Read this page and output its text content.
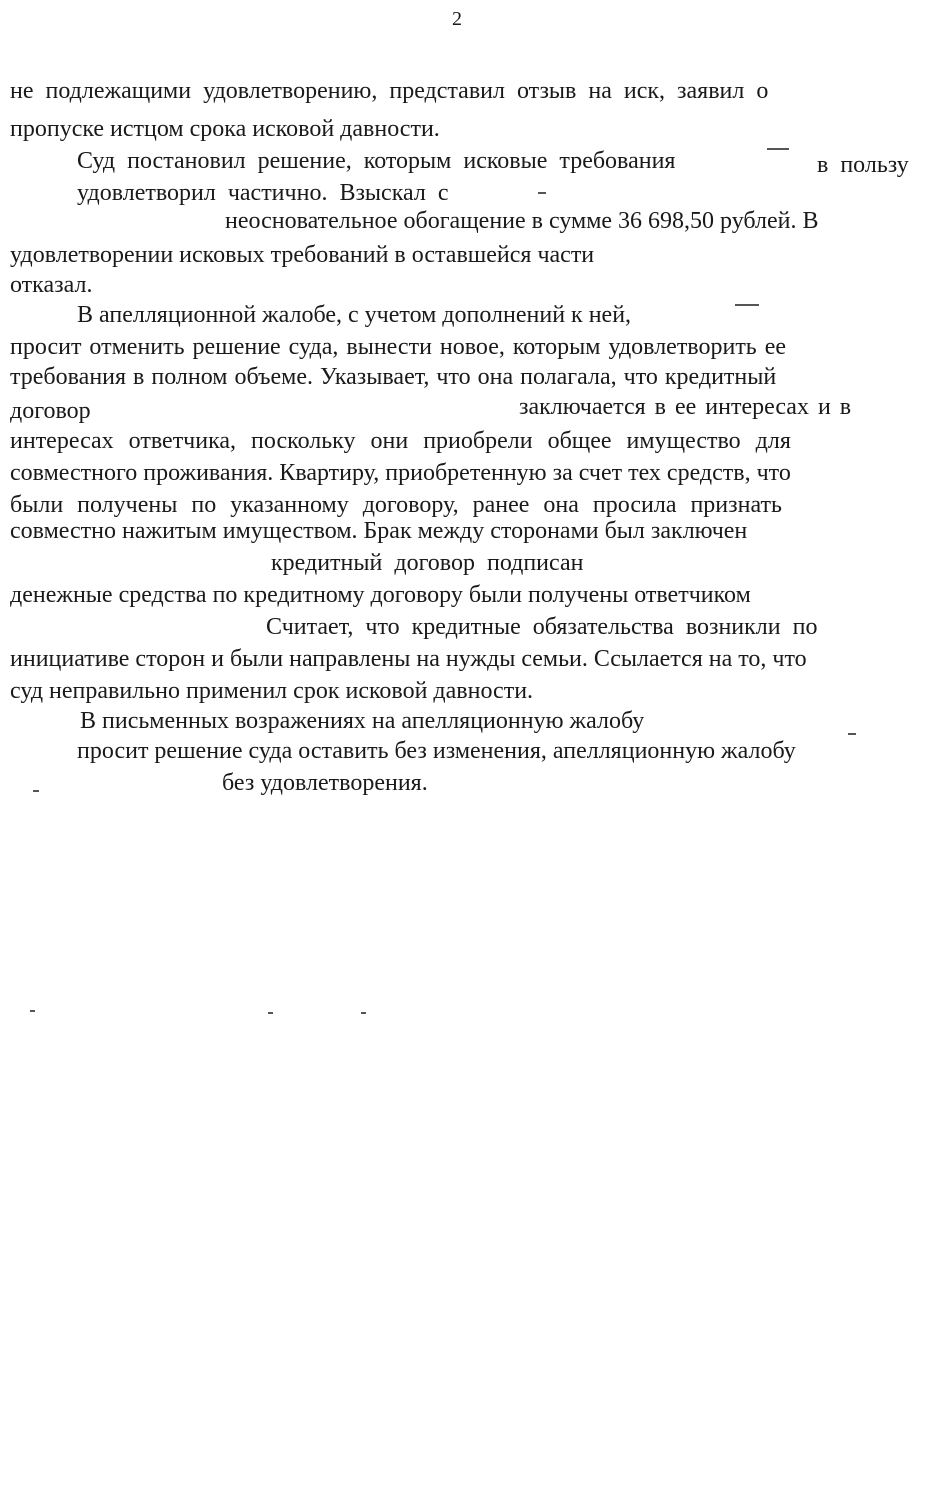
2
не подлежащими удовлетворению, представил отзыв на иск, заявил о
пропуске истцом срока исковой давности.
Суд постановил решение, которым исковые требования
удовлетворил частично. Взыскал с
в пользу
неосновательное обогащение в сумме 36 698,50 рублей. В
удовлетворении исковых требований в оставшейся части
отказал.
В апелляционной жалобе, с учетом дополнений к ней,
просит отменить решение суда, вынести новое, которым удовлетворить ее
требования в полном объеме. Указывает, что она полагала, что кредитный
договор	заключается в ее интересах и в
интересах ответчика, поскольку они приобрели общее имущество для
совместного проживания. Квартиру, приобретенную за счет тех средств, что
были получены по указанному договору, ранее она просила признать
совместно нажитым имуществом. Брак между сторонами был заключен
кредитный договор подписан
денежные средства по кредитному договору были получены ответчиком
Считает, что кредитные обязательства возникли по
инициативе сторон и были направлены на нужды семьи. Ссылается на то, что
суд неправильно применил срок исковой давности.
В письменных возражениях на апелляционную жалобу
просит решение суда оставить без изменения, апелляционную жалобу
без удовлетворения.
